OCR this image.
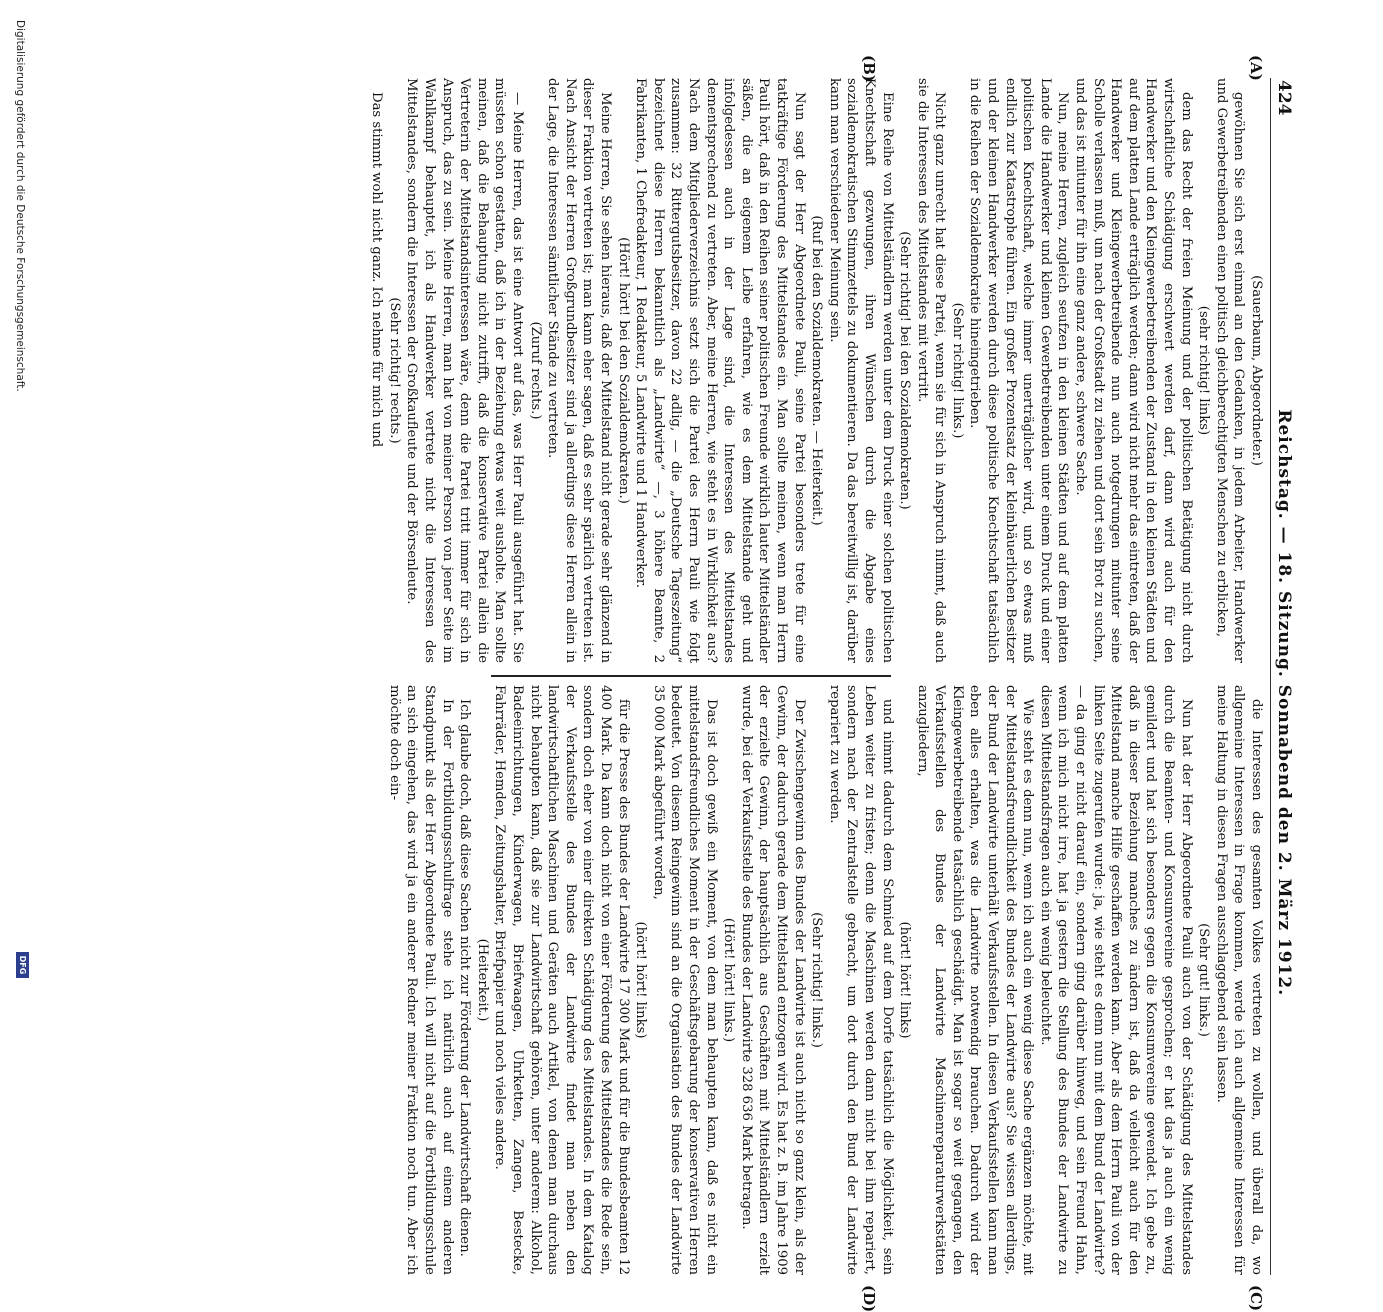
424
Reichstag. — 18. Sitzung. Sonnabend den 2. März 1912.
(A)
(C)
(B)
(D)

(Sauerbaum, Abgeordneter.)

gewöhnen Sie sich erst einmal an den Gedanken, in jedem Arbeiter, Handwerker und Gewerbetreibenden einen politisch gleichberechtigten Menschen zu erblicken,

(sehr richtig! links)

dem das Recht der freien Meinung und der politischen Betätigung nicht durch wirtschaftliche Schädigung erschwert werden darf, dann wird auch für den Handwerker und den Kleingewerbetreibenden der Zustand in den kleinen Städten und auf dem platten Lande erträglich werden; dann wird nicht mehr das eintreten, daß der Handwerker und Kleingewerbetreibende nun auch notgedrungen mitunter seine Scholle verlassen muß, um nach der Großstadt zu ziehen und dort sein Brot zu suchen, und das ist mitunter für ihn eine ganz andere, schwere Sache.

Nun, meine Herren, zugleich seufzen in den kleinen Städten und auf dem platten Lande die Handwerker und kleinen Gewerbetreibenden unter einem Druck und einer politischen Knechtschaft, welche immer unerträglicher wird, und so etwas muß endlich zur Katastrophe führen. Ein großer Prozentsatz der kleinbäuerlichen Besitzer und der kleinen Handwerker werden durch diese politische Knechtschaft tatsächlich in die Reihen der Sozialdemokratie hineingetrieben.

(Sehr richtig! links.)

Nicht ganz unrecht hat diese Partei, wenn sie für sich in Anspruch nimmt, daß auch sie die Interessen des Mittelstandes mit vertritt.

(Sehr richtig! bei den Sozialdemokraten.)

Eine Reihe von Mittelständlern werden unter dem Druck einer solchen politischen Knechtschaft gezwungen, ihren Wünschen durch die Abgabe eines sozialdemokratischen Stimmzettels zu dokumentieren. Da das bereitwillig ist, darüber kann man verschiedener Meinung sein.

(Ruf bei den Sozialdemokraten. — Heiterkeit.)

Nun sagt der Herr Abgeordnete Pauli, seine Partei besonders trete für eine tatkräftige Förderung des Mittelstandes ein. Man sollte meinen, wenn man Herrn Pauli hört, daß in den Reihen seiner politischen Freunde wirklich lauter Mittelständler säßen, die an eigenem Leibe erfahren, wie es dem Mittelstande geht und infolgedessen auch in der Lage sind, die Interessen des Mittelstandes dementsprechend zu vertreten. Aber, meine Herren, wie steht es in Wirklichkeit aus? Nach dem Mitgliederverzeichnis setzt sich die Partei des Herrn Pauli wie folgt zusammen: 32 Rittergutsbesitzer, davon 22 adlig, — die „Deutsche Tageszeitung“ bezeichnet diese Herren bekanntlich als „Landwirte“ —, 3 höhere Beamte, 2 Fabrikanten, 1 Chefredakteur, 1 Redakteur, 5 Landwirte und 1 Handwerker.

(Hört! hört! bei den Sozialdemokraten.)

Meine Herren, Sie sehen hieraus, daß der Mittelstand nicht gerade sehr glänzend in dieser Fraktion vertreten ist; man kann eher sagen, daß es sehr spärlich vertreten ist. Nach Ansicht der Herren Großgrundbesitzer sind ja allerdings diese Herren allein in der Lage, die Interessen sämtlicher Stände zu vertreten.

(Zuruf rechts.)

— Meine Herren, das ist eine Antwort auf das, was Herr Pauli ausgeführt hat. Sie müssten schon gestatten, daß ich in der Beziehung etwas weit ausholte. Man sollte meinen, daß die Behauptung nicht zutrifft, daß die konservative Partei allein die Vertreterin der Mittelstandsinteressen wäre, denn die Partei tritt immer für sich in Anspruch, das zu sein. Meine Herren, man hat von meiner Person von jener Seite im Wahlkampf behauptet, ich als Handwerker vertrete nicht die Interessen des Mittelstandes, sondern die Interessen der Großkaufleute und der Börsenleute.

(Sehr richtig! rechts.)

Das stimmt wohl nicht ganz. Ich nehme für mich und

die Interessen des gesamten Volkes vertreten zu wollen, und überall da, wo allgemeine Interessen in Frage kommen, werde ich auch allgemeine Interessen für meine Haltung in diesen Fragen ausschlaggebend sein lassen.

(Sehr gut! links.)

Nun hat der Herr Abgeordnete Pauli auch von der Schädigung des Mittelstandes durch die Beamten- und Konsumvereine gesprochen; er hat das ja auch ein wenig gemildert und hat sich besonders gegen die Konsumvereine gewendet. Ich gebe zu, daß in dieser Beziehung manches zu ändern ist, daß da vielleicht auch für den Mittelstand manche Hilfe geschaffen werden kann. Aber als dem Herrn Pauli von der linken Seite zugerufen wurde: ja, wie steht es denn nun mit dem Bund der Landwirte? — da ging er nicht darauf ein, sondern ging darüber hinweg, und sein Freund Hahn, wenn ich mich nicht irre, hat ja gestern die Stellung des Bundes der Landwirte zu diesen Mittelstandsfragen auch ein wenig beleuchtet.

Wie steht es denn nun, wenn ich auch ein wenig diese Sache ergänzen möchte, mit der Mittelstandsfreundlichkeit des Bundes der Landwirte aus? Sie wissen allerdings, der Bund der Landwirte unterhält Verkaufsstellen. In diesen Verkaufsstellen kann man eben alles erhalten, was die Landwirte notwendig brauchen. Dadurch wird der Kleingewerbetreibende tatsächlich geschädigt. Man ist sogar so weit gegangen, den Verkaufsstellen des Bundes der Landwirte Maschinenreparaturwerkstätten anzugliedern,

(hört! hört! links)

und nimmt dadurch dem Schmied auf dem Dorfe tatsächlich die Möglichkeit, sein Leben weiter zu fristen; denn die Maschinen werden dann nicht bei ihm repariert, sondern nach der Zentralstelle gebracht, um dort durch den Bund der Landwirte repariert zu werden.

(Sehr richtig! links.)

Der Zwischengewinn des Bundes der Landwirte ist auch nicht so ganz klein, als der Gewinn, der dadurch gerade dem Mittelstand entzogen wird. Es hat z. B. im Jahre 1909 der erzielte Gewinn, der hauptsächlich aus Geschäften mit Mittelständlern erzielt wurde, bei der Verkaufsstelle des Bundes der Landwirte 328 636 Mark betragen.

(Hört! hört! links.)

Das ist doch gewiß ein Moment, von dem man behaupten kann, daß es nicht ein mittelstandsfreundliches Moment in der Geschäftsgebarung der konservativen Herren bedeutet. Von diesem Reingewinn sind an die Organisation des Bundes der Landwirte 35 000 Mark abgeführt worden,

(hört! hört! links)

für die Presse des Bundes der Landwirte 17 300 Mark und für die Bundesbeamten 12 400 Mark. Da kann doch nicht von einer Förderung des Mittelstandes die Rede sein, sondern doch eher von einer direkten Schädigung des Mittelstandes. In dem Katalog der Verkaufsstelle des Bundes der Landwirte findet man neben den landwirtschaftlichen Maschinen und Geräten auch Artikel, von denen man durchaus nicht behaupten kann, daß sie zur Landwirtschaft gehören, unter anderem: Alkohol, Badeeinrichtungen, Kinderwagen, Briefwaagen, Uhrketten, Zangen, Bestecke, Fahrräder, Hemden, Zeitungshalter, Briefpapier und noch vieles andere.

(Heiterkeit.)

Ich glaube doch, daß diese Sachen nicht zur Förderung der Landwirtschaft dienen.

In der Fortbildungsschulfrage stehe ich natürlich auch auf einem anderen Standpunkt als der Herr Abgeordnete Pauli. Ich will nicht auf die Fortbildungsschule an sich eingehen, das wird ja ein anderer Redner meiner Fraktion noch tun. Aber ich möchte doch ein-

Digitalisierung gefördert durch die Deutsche Forschungsgemeinschaft.
DFG
